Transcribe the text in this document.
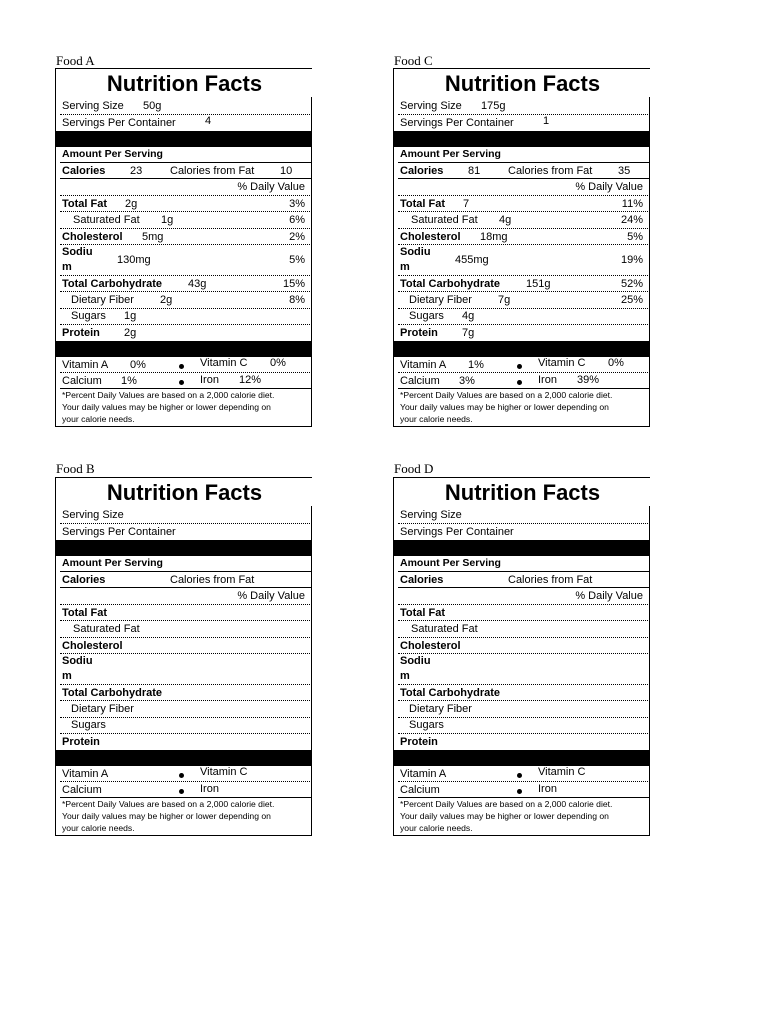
Food A
Nutrition Facts
Serving Size 50g
Servings Per Container	4
Amount Per Serving
Calories 23	Calories from Fat 10
% Daily Value
Total Fat 2g	3%
Saturated Fat 1g	6%
Cholesterol 5mg	2%
Sodiu
m
130mg	5%
Total Carbohydrate 43g	15%
Dietary Fiber 2g	8%
Sugars 1g
Protein 2g
Vitamin A 0%	Vitamin C 0%
Calcium 1%	Iron 12%
*Percent Daily Values are based on a 2,000 calorie diet.
Your daily values may be higher or lower depending on
your calorie needs.
Food C
Nutrition Facts
Serving Size 175g
Servings Per Container	1
Amount Per Serving
Calories 81	Calories from Fat 35
% Daily Value
Total Fat 7	11%
Saturated Fat 4g	24%
Cholesterol 18mg	5%
Sodiu
m
455mg	19%
Total Carbohydrate 151g	52%
Dietary Fiber 7g	25%
Sugars 4g
Protein 7g
Vitamin A 1%	Vitamin C 0%
Calcium 3%	Iron 39%
*Percent Daily Values are based on a 2,000 calorie diet.
Your daily values may be higher or lower depending on
your calorie needs.
Food B
Nutrition Facts
Serving Size
Servings Per Container
Amount Per Serving
Calories	Calories from Fat
% Daily Value
Total Fat
Saturated Fat
Cholesterol
Sodiu
m
Total Carbohydrate
Dietary Fiber
Sugars
Protein
Vitamin A	Vitamin C
Calcium	Iron
*Percent Daily Values are based on a 2,000 calorie diet.
Your daily values may be higher or lower depending on
your calorie needs.
Food D
Nutrition Facts
Serving Size
Servings Per Container
Amount Per Serving
Calories	Calories from Fat
% Daily Value
Total Fat
Saturated Fat
Cholesterol
Sodiu
m
Total Carbohydrate
Dietary Fiber
Sugars
Protein
Vitamin A	Vitamin C
Calcium	Iron
*Percent Daily Values are based on a 2,000 calorie diet.
Your daily values may be higher or lower depending on
your calorie needs.
